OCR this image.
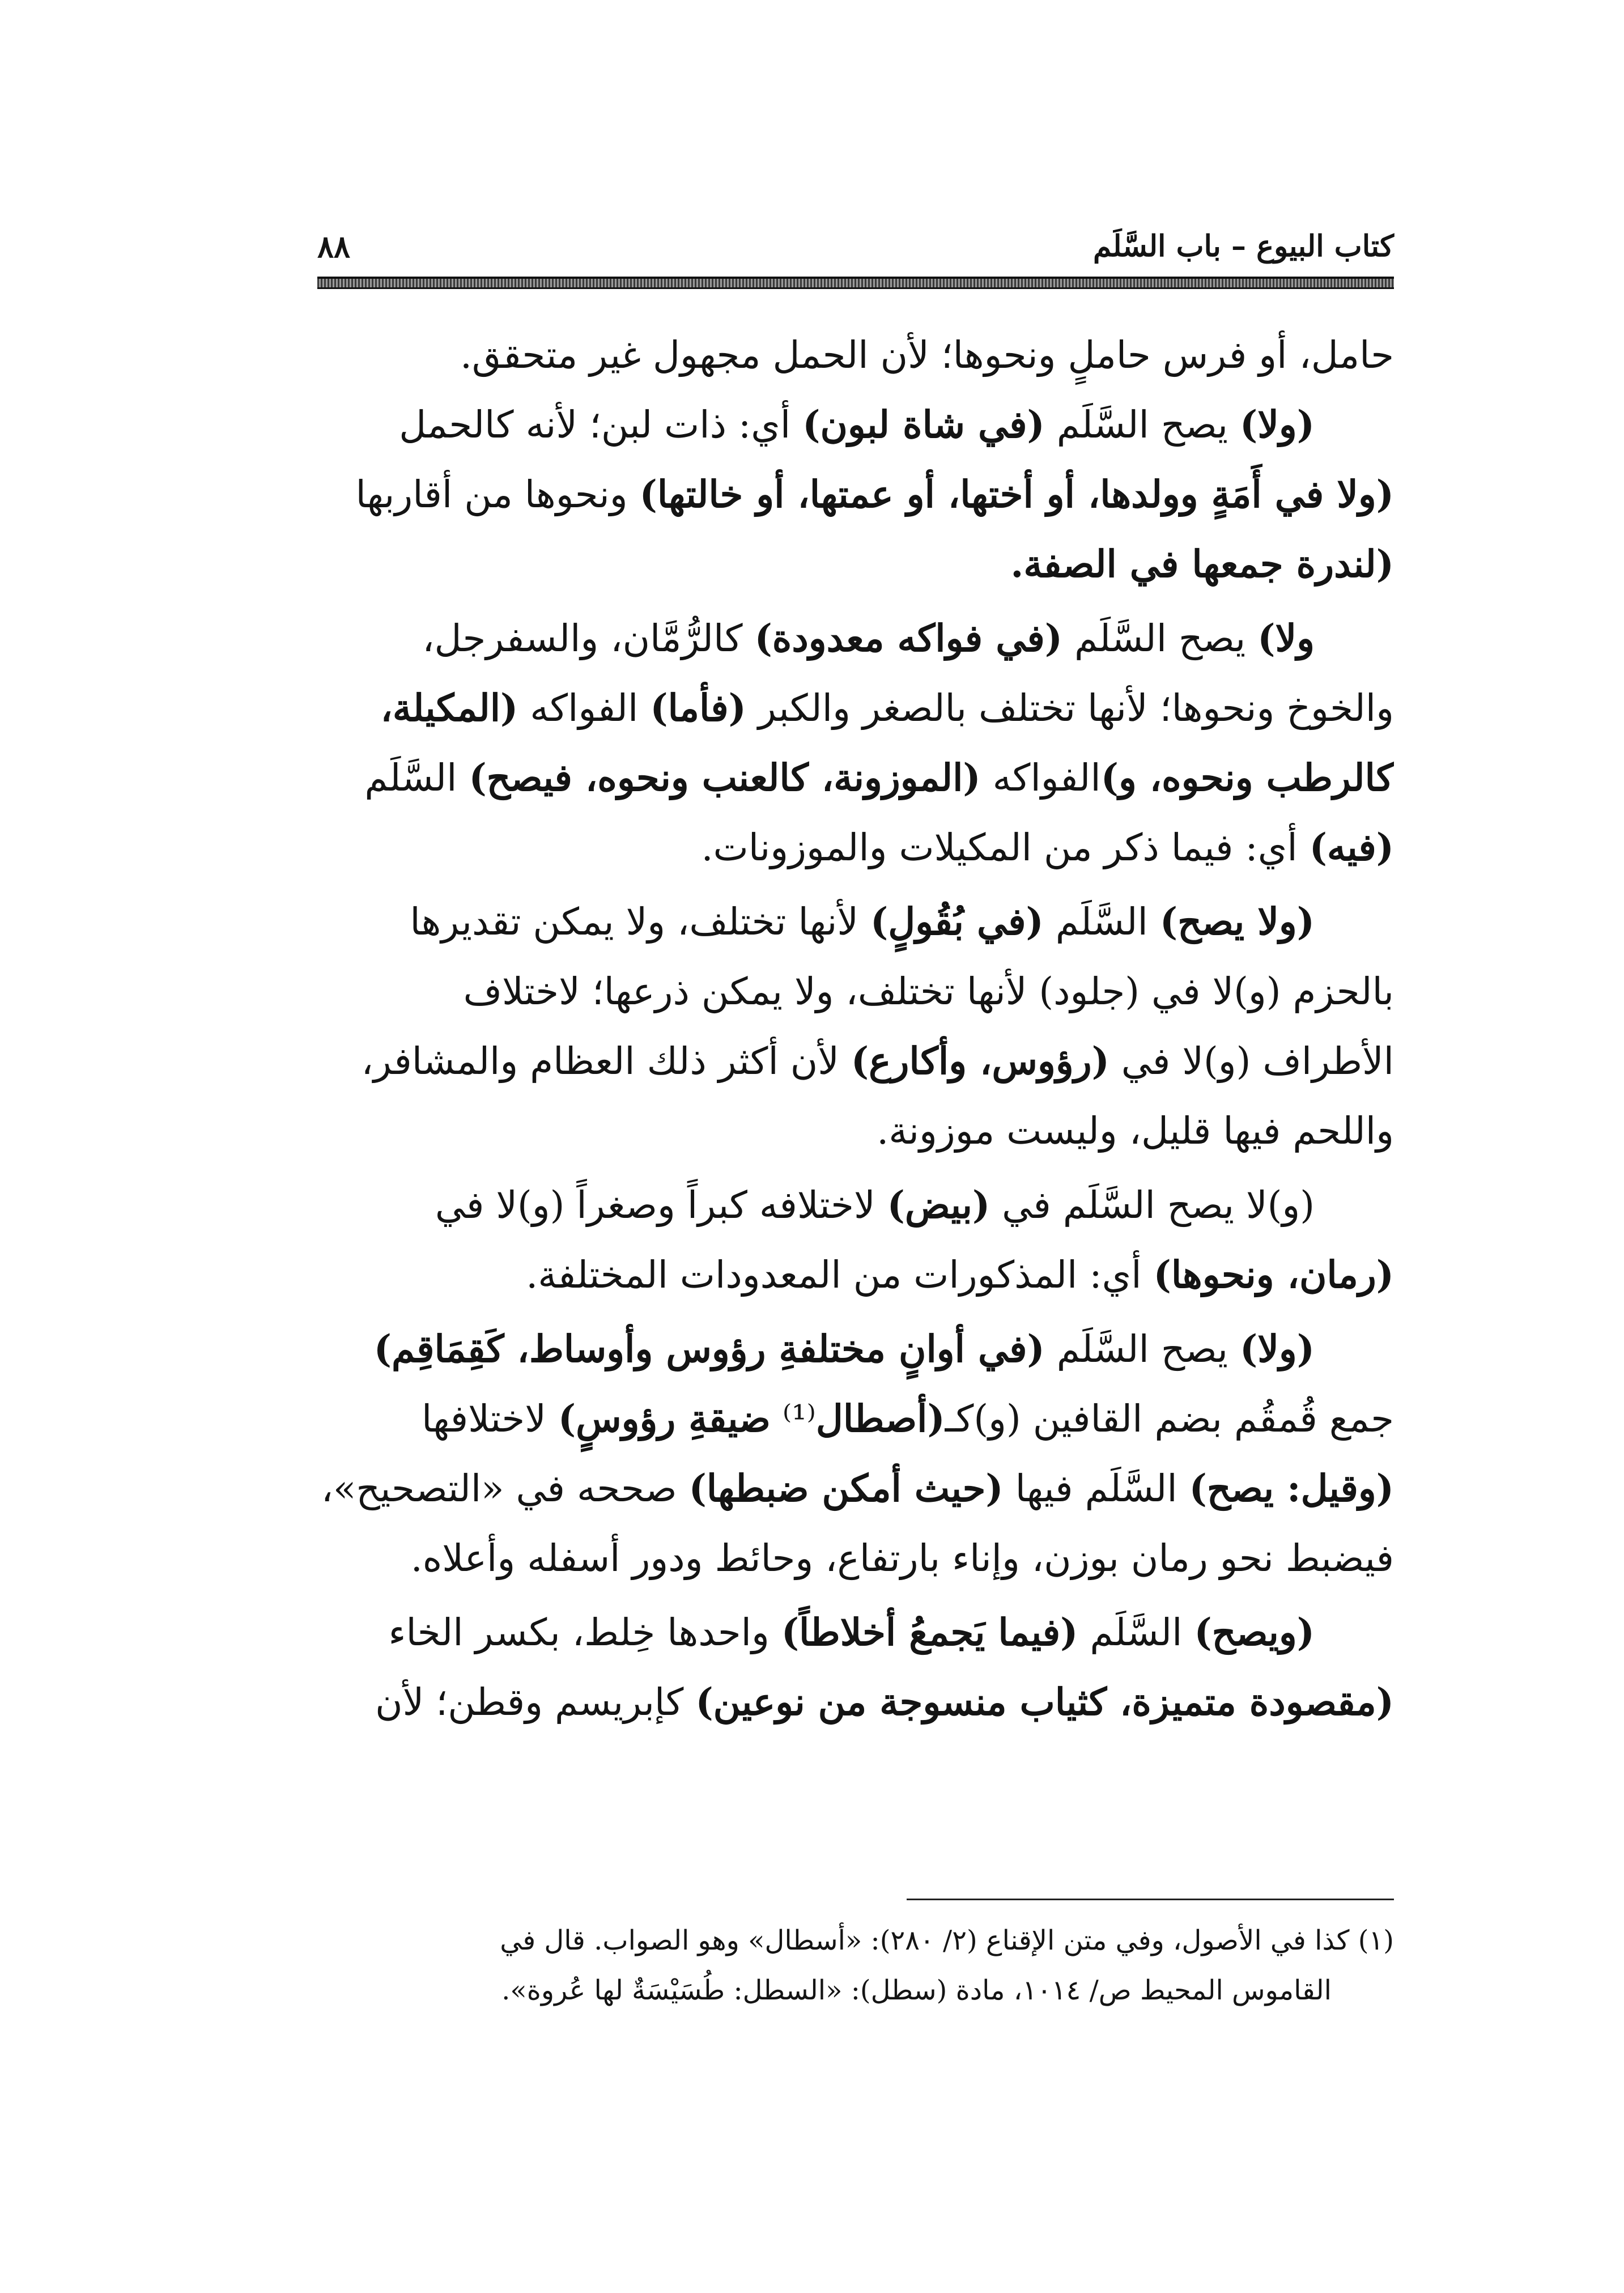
كتاب البيوع – باب السَّلَم
٨٨
حامل، أو فرس حاملٍ ونحوها؛ لأن الحمل مجهول غير متحقق.
(ولا) يصح السَّلَم (في شاة لبون) أي: ذات لبن؛ لأنه كالحمل
(ولا في أَمَةٍ وولدها، أو أختها، أو عمتها، أو خالتها) ونحوها من أقاربها
(لندرة جمعها في الصفة.
ولا) يصح السَّلَم (في فواكه معدودة) كالرُّمَّان، والسفرجل،
والخوخ ونحوها؛ لأنها تختلف بالصغر والكبر (فأما) الفواكه (المكيلة،
كالرطب ونحوه، و)الفواكه (الموزونة، كالعنب ونحوه، فيصح) السَّلَم
(فيه) أي: فيما ذكر من المكيلات والموزونات.
(ولا يصح) السَّلَم (في بُقُولٍ) لأنها تختلف، ولا يمكن تقديرها
بالحزم (و)لا في (جلود) لأنها تختلف، ولا يمكن ذرعها؛ لاختلاف
الأطراف (و)لا في (رؤوس، وأكارع) لأن أكثر ذلك العظام والمشافر،
واللحم فيها قليل، وليست موزونة.
(و)لا يصح السَّلَم في (بيض) لاختلافه كبراً وصغراً (و)لا في
(رمان، ونحوها) أي: المذكورات من المعدودات المختلفة.
(ولا) يصح السَّلَم (في أوانٍ مختلفةِ رؤوس وأوساط، كَقِمَاقِم)
جمع قُمقُم بضم القافين (و)كـ(أصطال⁽¹⁾ ضيقةِ رؤوسٍ) لاختلافها
(وقيل: يصح) السَّلَم فيها (حيث أمكن ضبطها) صححه في «التصحيح»،
فيضبط نحو رمان بوزن، وإناء بارتفاع، وحائط ودور أسفله وأعلاه.
(ويصح) السَّلَم (فيما يَجمعُ أخلاطاً) واحدها خِلط، بكسر الخاء
(مقصودة متميزة، كثياب منسوجة من نوعين) كإبريسم وقطن؛ لأن
(١) كذا في الأصول، وفي متن الإقناع (٢/ ٢٨٠): «أسطال» وهو الصواب. قال في
القاموس المحيط ص/ ١٠١٤، مادة (سطل): «السطل: طُسَيْسَةٌ لها عُروة».
